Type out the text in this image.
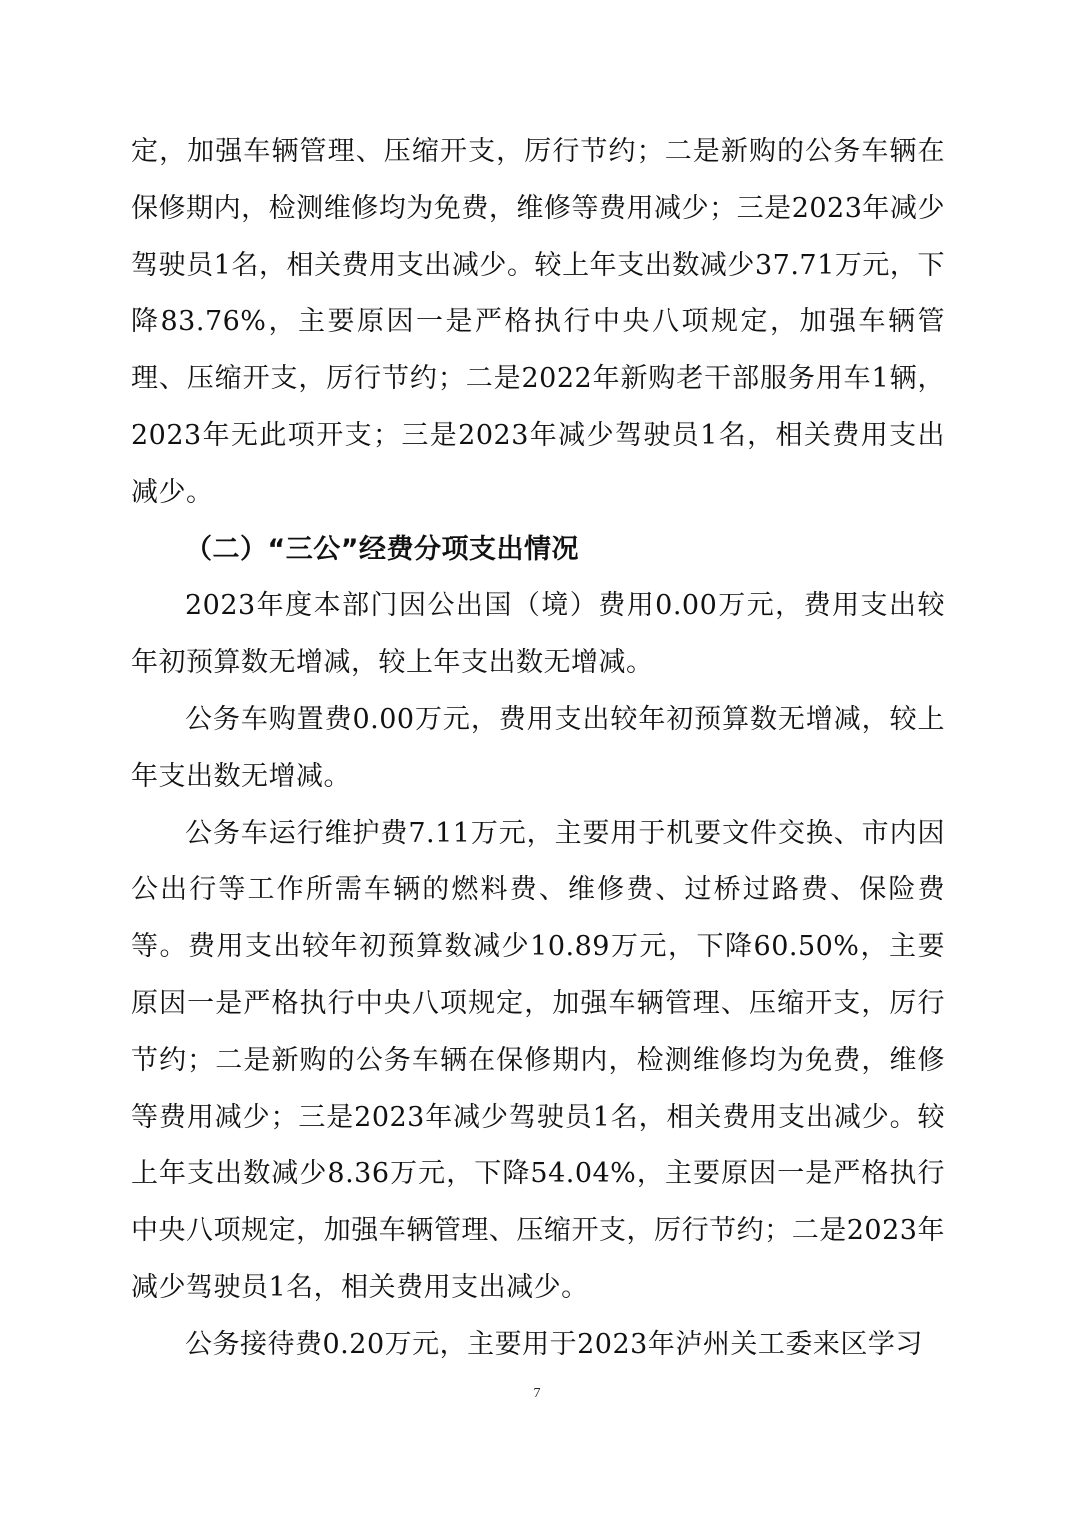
定，加强车辆管理、压缩开支，厉行节约；二是新购的公务车辆在保修期内，检测维修均为免费，维修等费用减少；三是2023年减少驾驶员1名，相关费用支出减少。较上年支出数减少37.71万元，下降83.76%，主要原因一是严格执行中央八项规定，加强车辆管理、压缩开支，厉行节约；二是2022年新购老干部服务用车1辆，2023年无此项开支；三是2023年减少驾驶员1名，相关费用支出减少。

（二）“三公”经费分项支出情况

2023年度本部门因公出国（境）费用0.00万元，费用支出较年初预算数无增减，较上年支出数无增减。

公务车购置费0.00万元，费用支出较年初预算数无增减，较上年支出数无增减。

公务车运行维护费7.11万元，主要用于机要文件交换、市内因公出行等工作所需车辆的燃料费、维修费、过桥过路费、保险费等。费用支出较年初预算数减少10.89万元，下降60.50%，主要原因一是严格执行中央八项规定，加强车辆管理、压缩开支，厉行节约；二是新购的公务车辆在保修期内，检测维修均为免费，维修等费用减少；三是2023年减少驾驶员1名，相关费用支出减少。较上年支出数减少8.36万元，下降54.04%，主要原因一是严格执行中央八项规定，加强车辆管理、压缩开支，厉行节约；二是2023年减少驾驶员1名，相关费用支出减少。

公务接待费0.20万元，主要用于2023年泸州关工委来区学习

7
